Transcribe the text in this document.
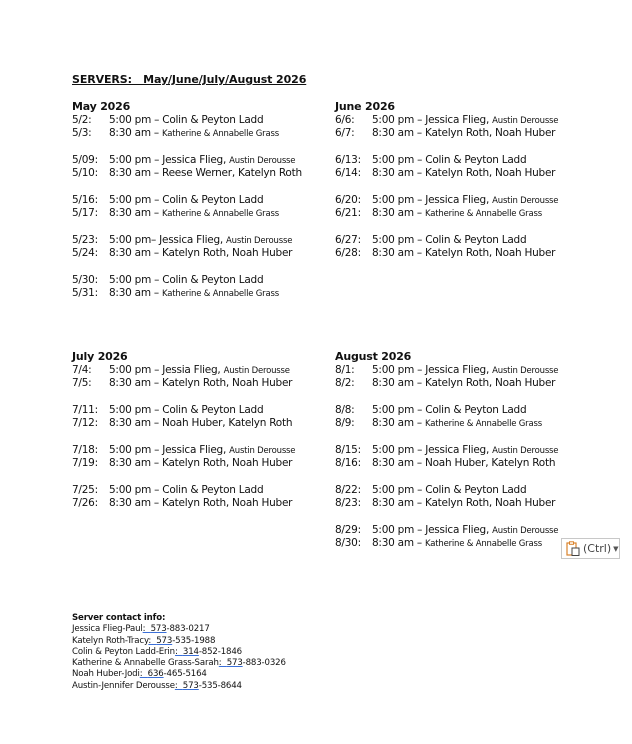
SERVERS:   May/June/July/August 2026
May 2026
5/2: 5:00 pm – Colin & Peyton Ladd
5/3: 8:30 am – Katherine & Annabelle Grass
5/09: 5:00 pm – Jessica Flieg, Austin Derousse
5/10: 8:30 am – Reese Werner, Katelyn Roth
5/16: 5:00 pm – Colin & Peyton Ladd
5/17: 8:30 am – Katherine & Annabelle Grass
5/23: 5:00 pm– Jessica Flieg, Austin Derousse
5/24: 8:30 am – Katelyn Roth, Noah Huber
5/30: 5:00 pm – Colin & Peyton Ladd
5/31: 8:30 am – Katherine & Annabelle Grass
June 2026
6/6: 5:00 pm – Jessica Flieg, Austin Derousse
6/7: 8:30 am – Katelyn Roth, Noah Huber
6/13: 5:00 pm – Colin & Peyton Ladd
6/14: 8:30 am – Katelyn Roth, Noah Huber
6/20: 5:00 pm – Jessica Flieg, Austin Derousse
6/21: 8:30 am – Katherine & Annabelle Grass
6/27: 5:00 pm – Colin & Peyton Ladd
6/28: 8:30 am – Katelyn Roth, Noah Huber
July 2026
7/4: 5:00 pm – Jessia Flieg, Austin Derousse
7/5: 8:30 am – Katelyn Roth, Noah Huber
7/11: 5:00 pm – Colin & Peyton Ladd
7/12: 8:30 am – Noah Huber, Katelyn Roth
7/18: 5:00 pm – Jessica Flieg, Austin Derousse
7/19: 8:30 am – Katelyn Roth, Noah Huber
7/25: 5:00 pm – Colin & Peyton Ladd
7/26: 8:30 am – Katelyn Roth, Noah Huber
August 2026
8/1: 5:00 pm – Jessica Flieg, Austin Derousse
8/2: 8:30 am – Katelyn Roth, Noah Huber
8/8: 5:00 pm – Colin & Peyton Ladd
8/9: 8:30 am – Katherine & Annabelle Grass
8/15: 5:00 pm – Jessica Flieg, Austin Derousse
8/16: 8:30 am – Noah Huber, Katelyn Roth
8/22: 5:00 pm – Colin & Peyton Ladd
8/23: 8:30 am – Katelyn Roth, Noah Huber
8/29: 5:00 pm – Jessica Flieg, Austin Derousse
8/30: 8:30 am – Katherine & Annabelle Grass
Server contact info:
Jessica Flieg-Paul:  573-883-0217
Katelyn Roth-Tracy:  573-535-1988
Colin & Peyton Ladd-Erin:  314-852-1846
Katherine & Annabelle Grass-Sarah:  573-883-0326
Noah Huber-Jodi:  636-465-5164
Austin-Jennifer Derousse:  573-535-8644
(Ctrl) ▼
